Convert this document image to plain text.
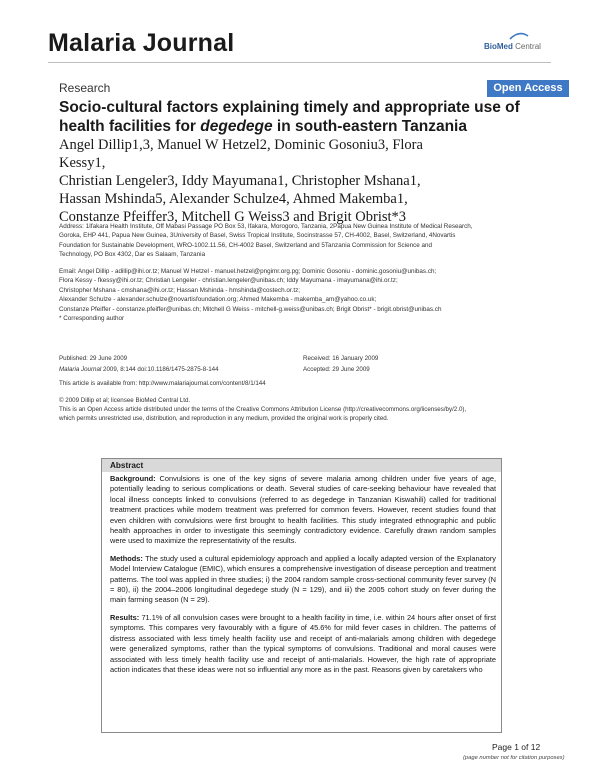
Malaria Journal	BioMed Central
Research	Open Access
Socio-cultural factors explaining timely and appropriate use of health facilities for degedege in south-eastern Tanzania
Angel Dillip1,3, Manuel W Hetzel2, Dominic Gosoniu3, Flora Kessy1,
Christian Lengeler3, Iddy Mayumana1, Christopher Mshana1,
Hassan Mshinda5, Alexander Schulze4, Ahmed Makemba1,
Constanze Pfeiffer3, Mitchell G Weiss3 and Brigit Obrist*3
Address: 1Ifakara Health Institute, Off Mabasi Passage PO Box 53, Ifakara, Morogoro, Tanzania, 2Papua New Guinea Institute of Medical Research,
Goroka, EHP 441, Papua New Guinea, 3University of Basel, Swiss Tropical Institute, Socinstrasse 57, CH-4002, Basel, Switzerland, 4Novartis
Foundation for Sustainable Development, WRO-1002.11.56, CH-4002 Basel, Switzerland and 5Tanzania Commission for Science and
Technology, PO Box 4302, Dar es Salaam, Tanzania
Email: Angel Dillip - adillip@ihi.or.tz; Manuel W Hetzel - manuel.hetzel@pngimr.org.pg; Dominic Gosoniu - dominic.gosoniu@unibas.ch;
Flora Kessy - fkessy@ihi.or.tz; Christian Lengeler - christian.lengeler@unibas.ch; Iddy Mayumana - imayumana@ihi.or.tz;
Christopher Mshana - cmshana@ihi.or.tz; Hassan Mshinda - hmshinda@costech.or.tz;
Alexander Schulze - alexander.schulze@novartisfoundation.org; Ahmed Makemba - makemba_am@yahoo.co.uk;
Constanze Pfeiffer - constanze.pfeiffer@unibas.ch; Mitchell G Weiss - mitchell-g.weiss@unibas.ch; Brigit Obrist* - brigit.obrist@unibas.ch
* Corresponding author
Published: 29 June 2009	Received: 16 January 2009
Accepted: 29 June 2009
Malaria Journal 2009, 8:144 doi:10.1186/1475-2875-8-144
This article is available from: http://www.malariajournal.com/content/8/1/144
© 2009 Dillip et al; licensee BioMed Central Ltd.
This is an Open Access article distributed under the terms of the Creative Commons Attribution License (http://creativecommons.org/licenses/by/2.0),
which permits unrestricted use, distribution, and reproduction in any medium, provided the original work is properly cited.
Abstract

Background: Convulsions is one of the key signs of severe malaria among children under five years of age, potentially leading to serious complications or death. Several studies of care-seeking behaviour have revealed that local illness concepts linked to convulsions (referred to as degedege in Tanzanian Kiswahili) called for traditional treatment practices while modern treatment was preferred for common fevers. However, recent studies found that even children with convulsions were first brought to health facilities. This study integrated ethnographic and public health approaches in order to investigate this seemingly contradictory evidence. Carefully drawn random samples were used to maximize the representativity of the results.

Methods: The study used a cultural epidemiology approach and applied a locally adapted version of the Explanatory Model Interview Catalogue (EMIC), which ensures a comprehensive investigation of disease perception and treatment patterns. The tool was applied in three studies; i) the 2004 random sample cross-sectional community fever survey (N = 80), ii) the 2004–2006 longitudinal degedege study (N = 129), and iii) the 2005 cohort study on fever during the main farming season (N = 29).

Results: 71.1% of all convulsion cases were brought to a health facility in time, i.e. within 24 hours after onset of first symptoms. This compares very favourably with a figure of 45.6% for mild fever cases in children. The patterns of distress associated with less timely health facility use and receipt of anti-malarials among children with degedege were generalized symptoms, rather than the typical symptoms of convulsions. Traditional and moral causes were associated with less timely health facility use and receipt of anti-malarials. However, the high rate of appropriate action indicates that these ideas were not so influential any more as in the past. Reasons given by caretakers who

Page 1 of 12
(page number not for citation purposes)
